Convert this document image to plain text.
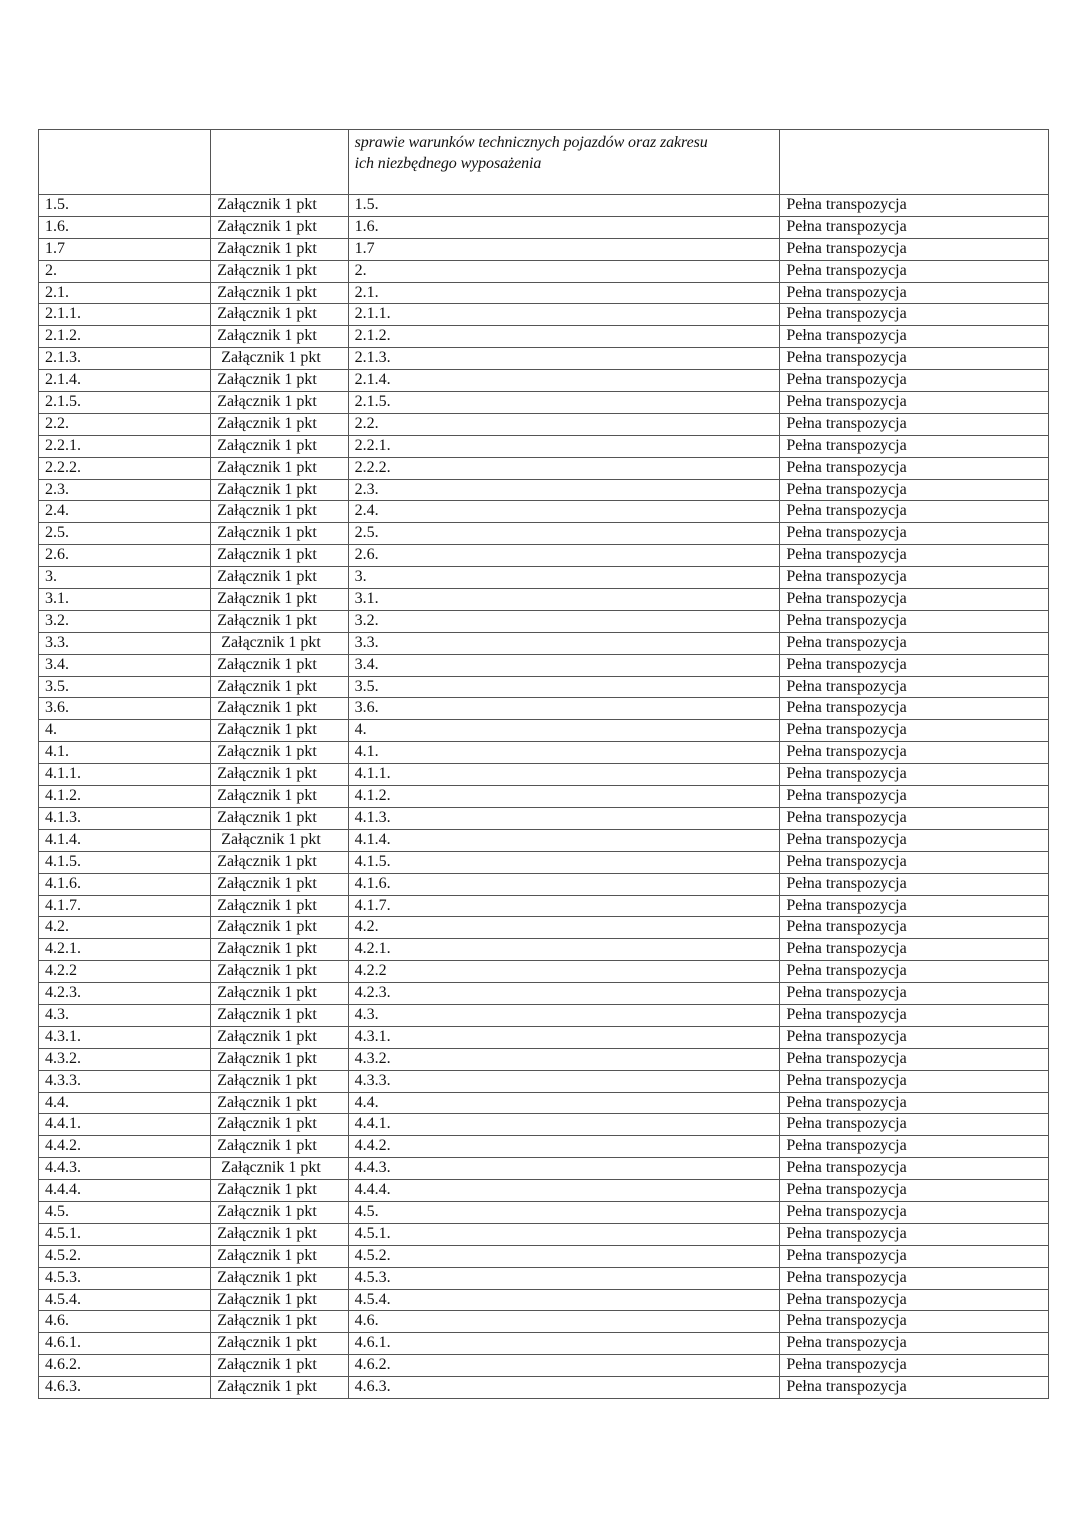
		sprawie warunków technicznych pojazdów oraz zakresu
ich niezbędnego wyposażenia	

1.5.	Załącznik 1 pkt	1.5.	Pełna transpozycja
1.6.	Załącznik 1 pkt	1.6.	Pełna transpozycja
1.7	Załącznik 1 pkt	1.7	Pełna transpozycja
2.	Załącznik 1 pkt	2.	Pełna transpozycja
2.1.	Załącznik 1 pkt	2.1.	Pełna transpozycja
2.1.1.	Załącznik 1 pkt	2.1.1.	Pełna transpozycja
2.1.2.	Załącznik 1 pkt	2.1.2.	Pełna transpozycja
2.1.3.	Załącznik 1 pkt	2.1.3.	Pełna transpozycja
2.1.4.	Załącznik 1 pkt	2.1.4.	Pełna transpozycja
2.1.5.	Załącznik 1 pkt	2.1.5.	Pełna transpozycja
2.2.	Załącznik 1 pkt	2.2.	Pełna transpozycja
2.2.1.	Załącznik 1 pkt	2.2.1.	Pełna transpozycja
2.2.2.	Załącznik 1 pkt	2.2.2.	Pełna transpozycja
2.3.	Załącznik 1 pkt	2.3.	Pełna transpozycja
2.4.	Załącznik 1 pkt	2.4.	Pełna transpozycja
2.5.	Załącznik 1 pkt	2.5.	Pełna transpozycja
2.6.	Załącznik 1 pkt	2.6.	Pełna transpozycja
3.	Załącznik 1 pkt	3.	Pełna transpozycja
3.1.	Załącznik 1 pkt	3.1.	Pełna transpozycja
3.2.	Załącznik 1 pkt	3.2.	Pełna transpozycja
3.3.	Załącznik 1 pkt	3.3.	Pełna transpozycja
3.4.	Załącznik 1 pkt	3.4.	Pełna transpozycja
3.5.	Załącznik 1 pkt	3.5.	Pełna transpozycja
3.6.	Załącznik 1 pkt	3.6.	Pełna transpozycja
4.	Załącznik 1 pkt	4.	Pełna transpozycja
4.1.	Załącznik 1 pkt	4.1.	Pełna transpozycja
4.1.1.	Załącznik 1 pkt	4.1.1.	Pełna transpozycja
4.1.2.	Załącznik 1 pkt	4.1.2.	Pełna transpozycja
4.1.3.	Załącznik 1 pkt	4.1.3.	Pełna transpozycja
4.1.4.	Załącznik 1 pkt	4.1.4.	Pełna transpozycja
4.1.5.	Załącznik 1 pkt	4.1.5.	Pełna transpozycja
4.1.6.	Załącznik 1 pkt	4.1.6.	Pełna transpozycja
4.1.7.	Załącznik 1 pkt	4.1.7.	Pełna transpozycja
4.2.	Załącznik 1 pkt	4.2.	Pełna transpozycja
4.2.1.	Załącznik 1 pkt	4.2.1.	Pełna transpozycja
4.2.2	Załącznik 1 pkt	4.2.2	Pełna transpozycja
4.2.3.	Załącznik 1 pkt	4.2.3.	Pełna transpozycja
4.3.	Załącznik 1 pkt	4.3.	Pełna transpozycja
4.3.1.	Załącznik 1 pkt	4.3.1.	Pełna transpozycja
4.3.2.	Załącznik 1 pkt	4.3.2.	Pełna transpozycja
4.3.3.	Załącznik 1 pkt	4.3.3.	Pełna transpozycja
4.4.	Załącznik 1 pkt	4.4.	Pełna transpozycja
4.4.1.	Załącznik 1 pkt	4.4.1.	Pełna transpozycja
4.4.2.	Załącznik 1 pkt	4.4.2.	Pełna transpozycja
4.4.3.	Załącznik 1 pkt	4.4.3.	Pełna transpozycja
4.4.4.	Załącznik 1 pkt	4.4.4.	Pełna transpozycja
4.5.	Załącznik 1 pkt	4.5.	Pełna transpozycja
4.5.1.	Załącznik 1 pkt	4.5.1.	Pełna transpozycja
4.5.2.	Załącznik 1 pkt	4.5.2.	Pełna transpozycja
4.5.3.	Załącznik 1 pkt	4.5.3.	Pełna transpozycja
4.5.4.	Załącznik 1 pkt	4.5.4.	Pełna transpozycja
4.6.	Załącznik 1 pkt	4.6.	Pełna transpozycja
4.6.1.	Załącznik 1 pkt	4.6.1.	Pełna transpozycja
4.6.2.	Załącznik 1 pkt	4.6.2.	Pełna transpozycja
4.6.3.	Załącznik 1 pkt	4.6.3.	Pełna transpozycja
